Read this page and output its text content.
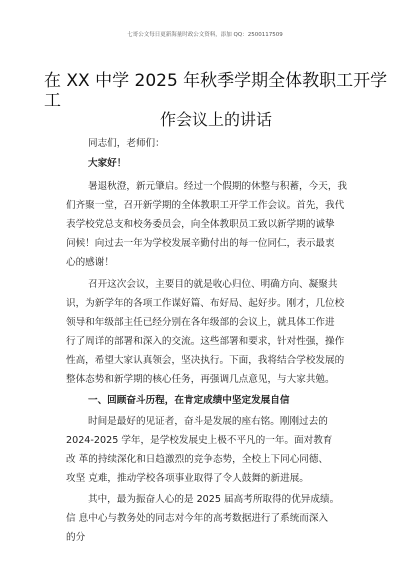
七哥公文每日更新海量时政公文资料，添加 QQ：2500117509
在 XX 中学 2025 年秋季学期全体教职工开学
工
作会议上的讲话
同志们，老师们：
大家好！
暑退秋澄，新元肇启。经过一个假期的休整与积蓄，今天，我
们齐聚一堂，召开新学期的全体教职工开学工作会议。首先，我代
表学校党总支和校务委员会，向全体教职员工致以新学期的诚挚
问候！向过去一年为学校发展辛勤付出的每一位同仁，表示最衷
心的感谢！
召开这次会议，主要目的就是收心归位、明确方向、凝聚共
识，为新学年的各项工作谋好篇、布好局、起好步。刚才，几位校
领导和年级部主任已经分别在各年级部的会议上，就具体工作进
行了周详的部署和深入的交流。这些部署和要求，针对性强，操作
性高，希望大家认真领会，坚决执行。下面，我将结合学校发展的
整体态势和新学期的核心任务，再强调几点意见，与大家共勉。
一、回顾奋斗历程，在肯定成绩中坚定发展自信
时间是最好的见证者，奋斗是发展的座右铭。刚刚过去的
2024-2025 学年，是学校发展史上极不平凡的一年。面对教育
改 革的持续深化和日趋激烈的竞争态势，全校上下同心同德、
攻坚 克难，推动学校各项事业取得了令人鼓舞的新进展。
其中，最为振奋人心的是 2025 届高考所取得的优异成绩。
信 息中心与教务处的同志对今年的高考数据进行了系统而深入
的分
